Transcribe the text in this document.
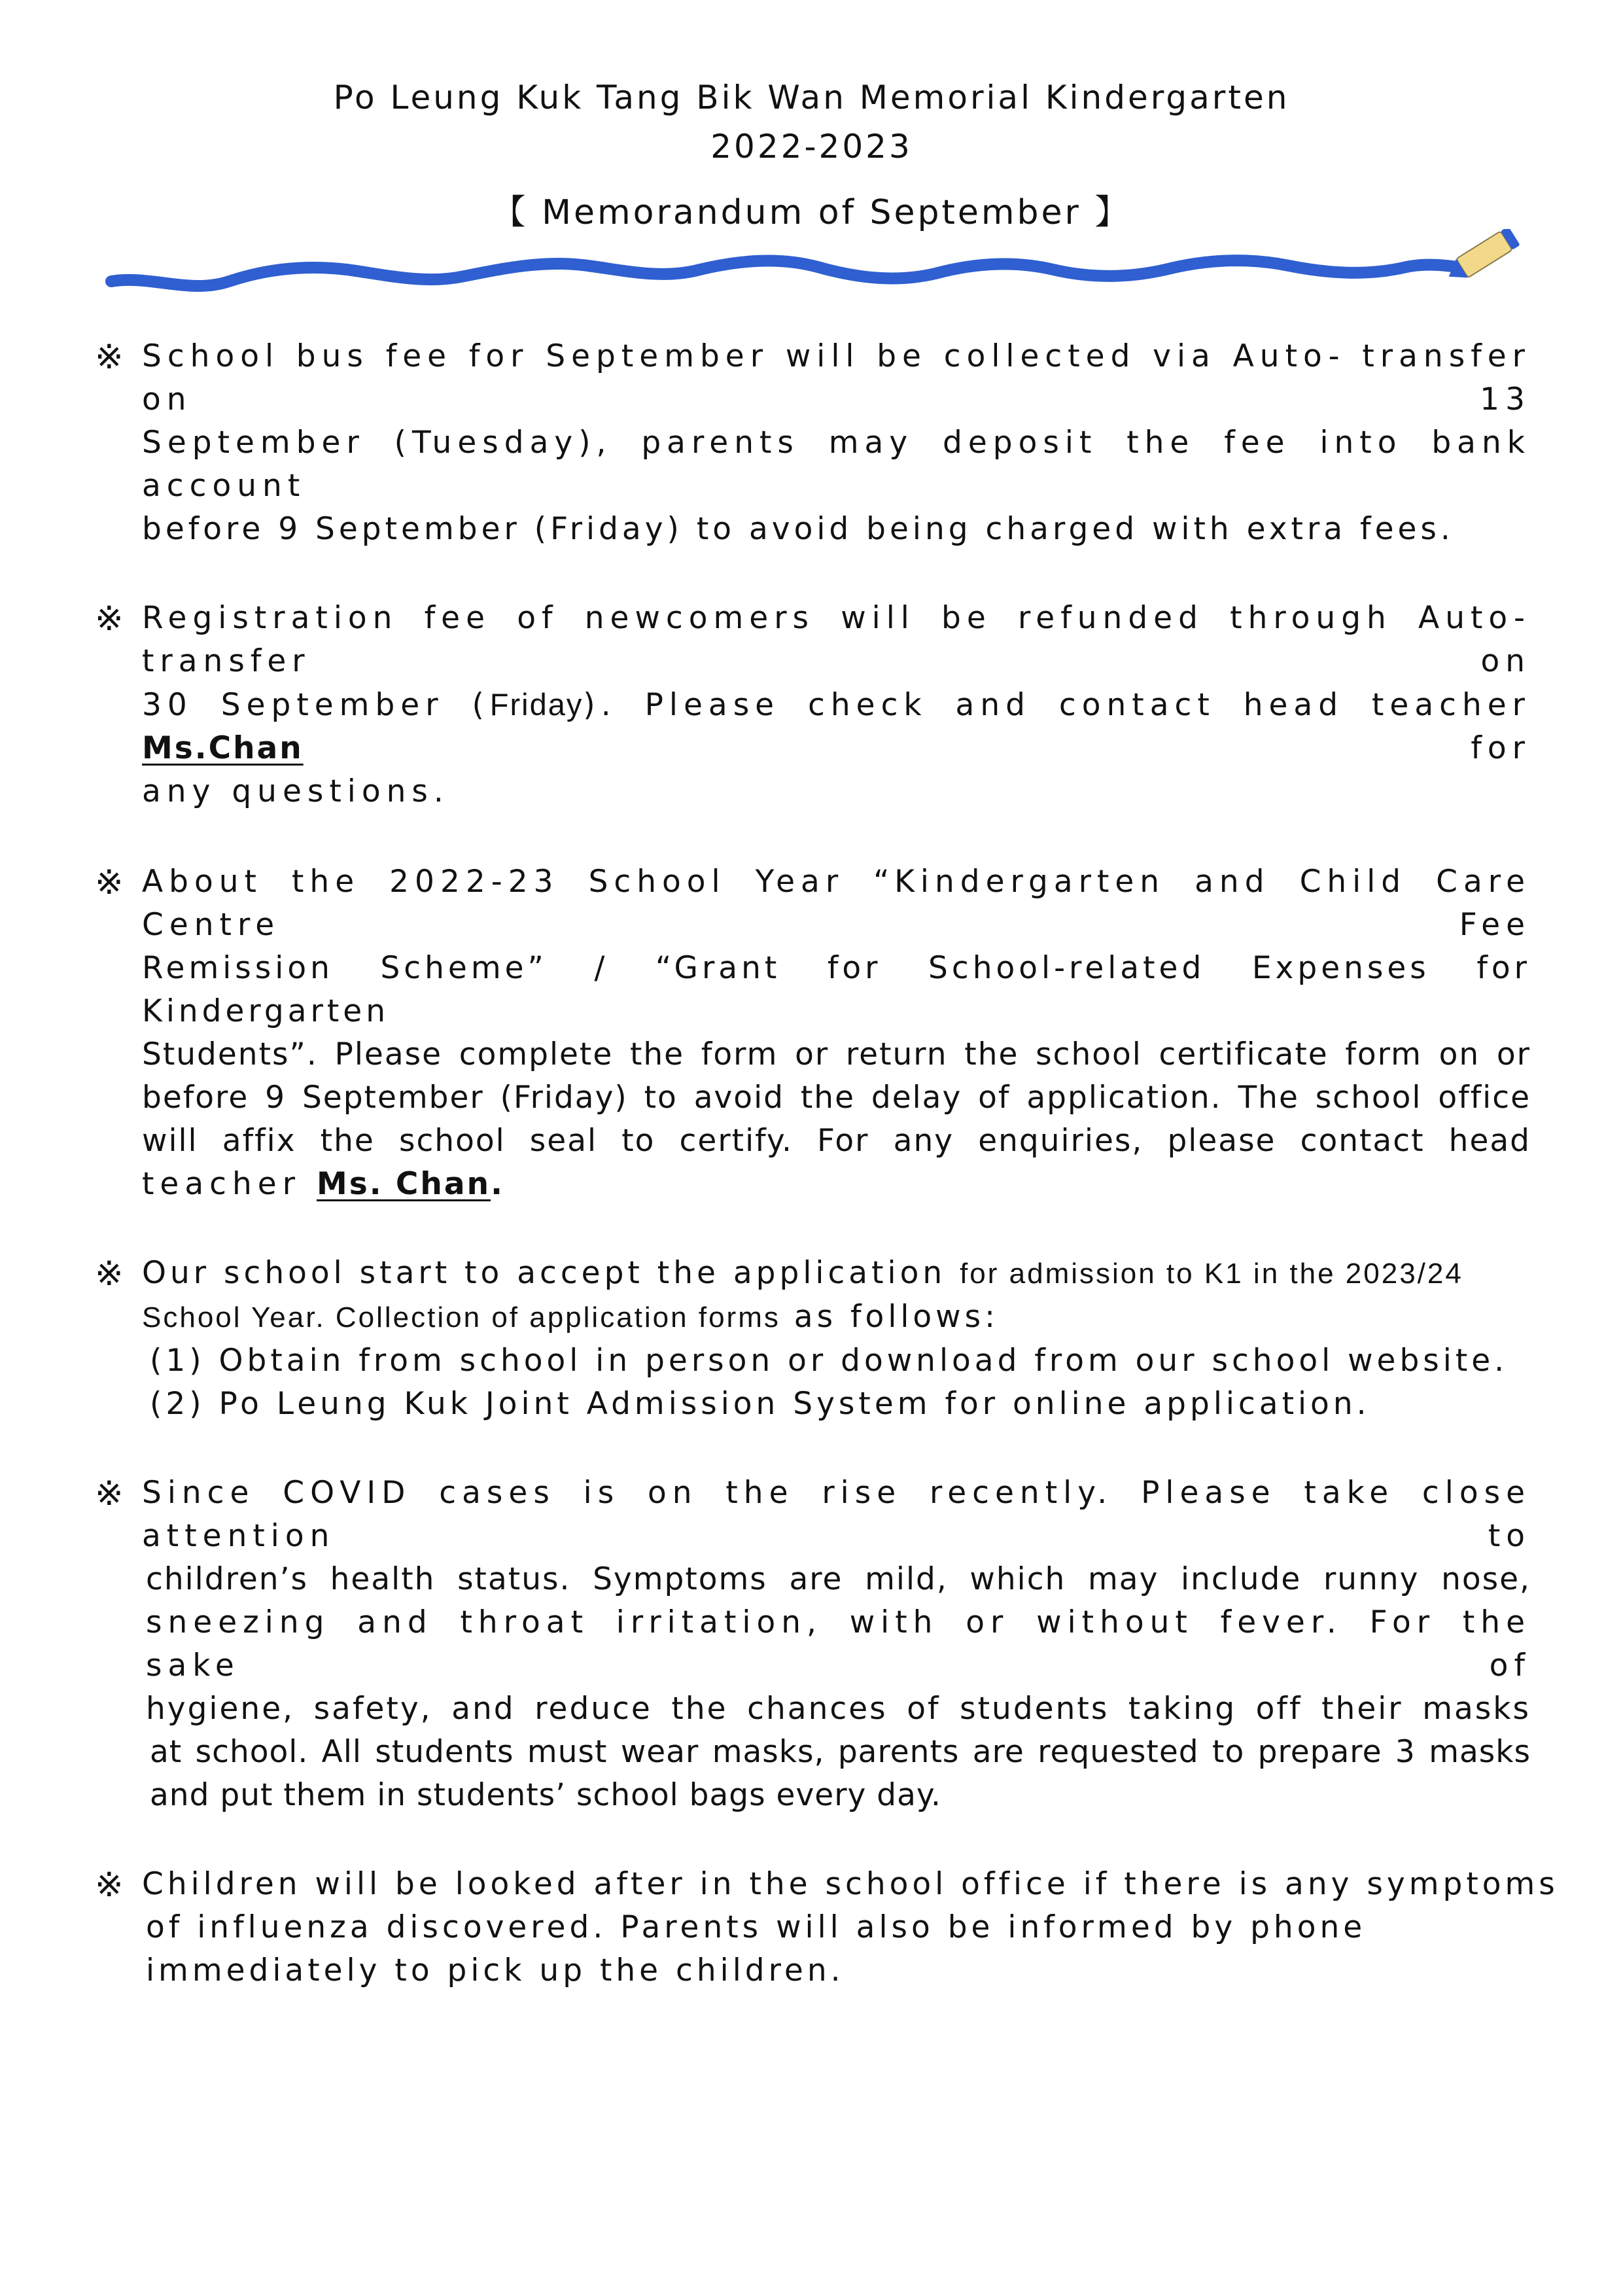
Po Leung Kuk Tang Bik Wan Memorial Kindergarten
2022-2023
【 Memorandum of September 】
※ School bus fee for September will be collected via Auto- transfer on 13
September (Tuesday), parents may deposit the fee into bank account
before 9 September (Friday) to avoid being charged with extra fees.
※ Registration fee of newcomers will be refunded through Auto-transfer on
30 September (Friday). Please check and contact head teacher Ms.Chan for
any questions.
※ About the 2022-23 School Year “Kindergarten and Child Care Centre Fee
Remission Scheme” / “Grant for School-related Expenses for Kindergarten
Students”. Please complete the form or return the school certificate form on or
before 9 September (Friday) to avoid the delay of application. The school office
will affix the school seal to certify. For any enquiries, please contact head
teacher Ms. Chan.
※ Our school start to accept the application for admission to K1 in the 2023/24
School Year. Collection of application forms as follows:
(1) Obtain from school in person or download from our school website.
(2) Po Leung Kuk Joint Admission System for online application.
※ Since COVID cases is on the rise recently. Please take close attention to
children’s health status. Symptoms are mild, which may include runny nose,
sneezing and throat irritation, with or without fever. For the sake of
hygiene, safety, and reduce the chances of students taking off their masks
at school. All students must wear masks, parents are requested to prepare 3 masks
and put them in students’ school bags every day.
※ Children will be looked after in the school office if there is any symptoms
of influenza discovered. Parents will also be informed by phone
immediately to pick up the children.
